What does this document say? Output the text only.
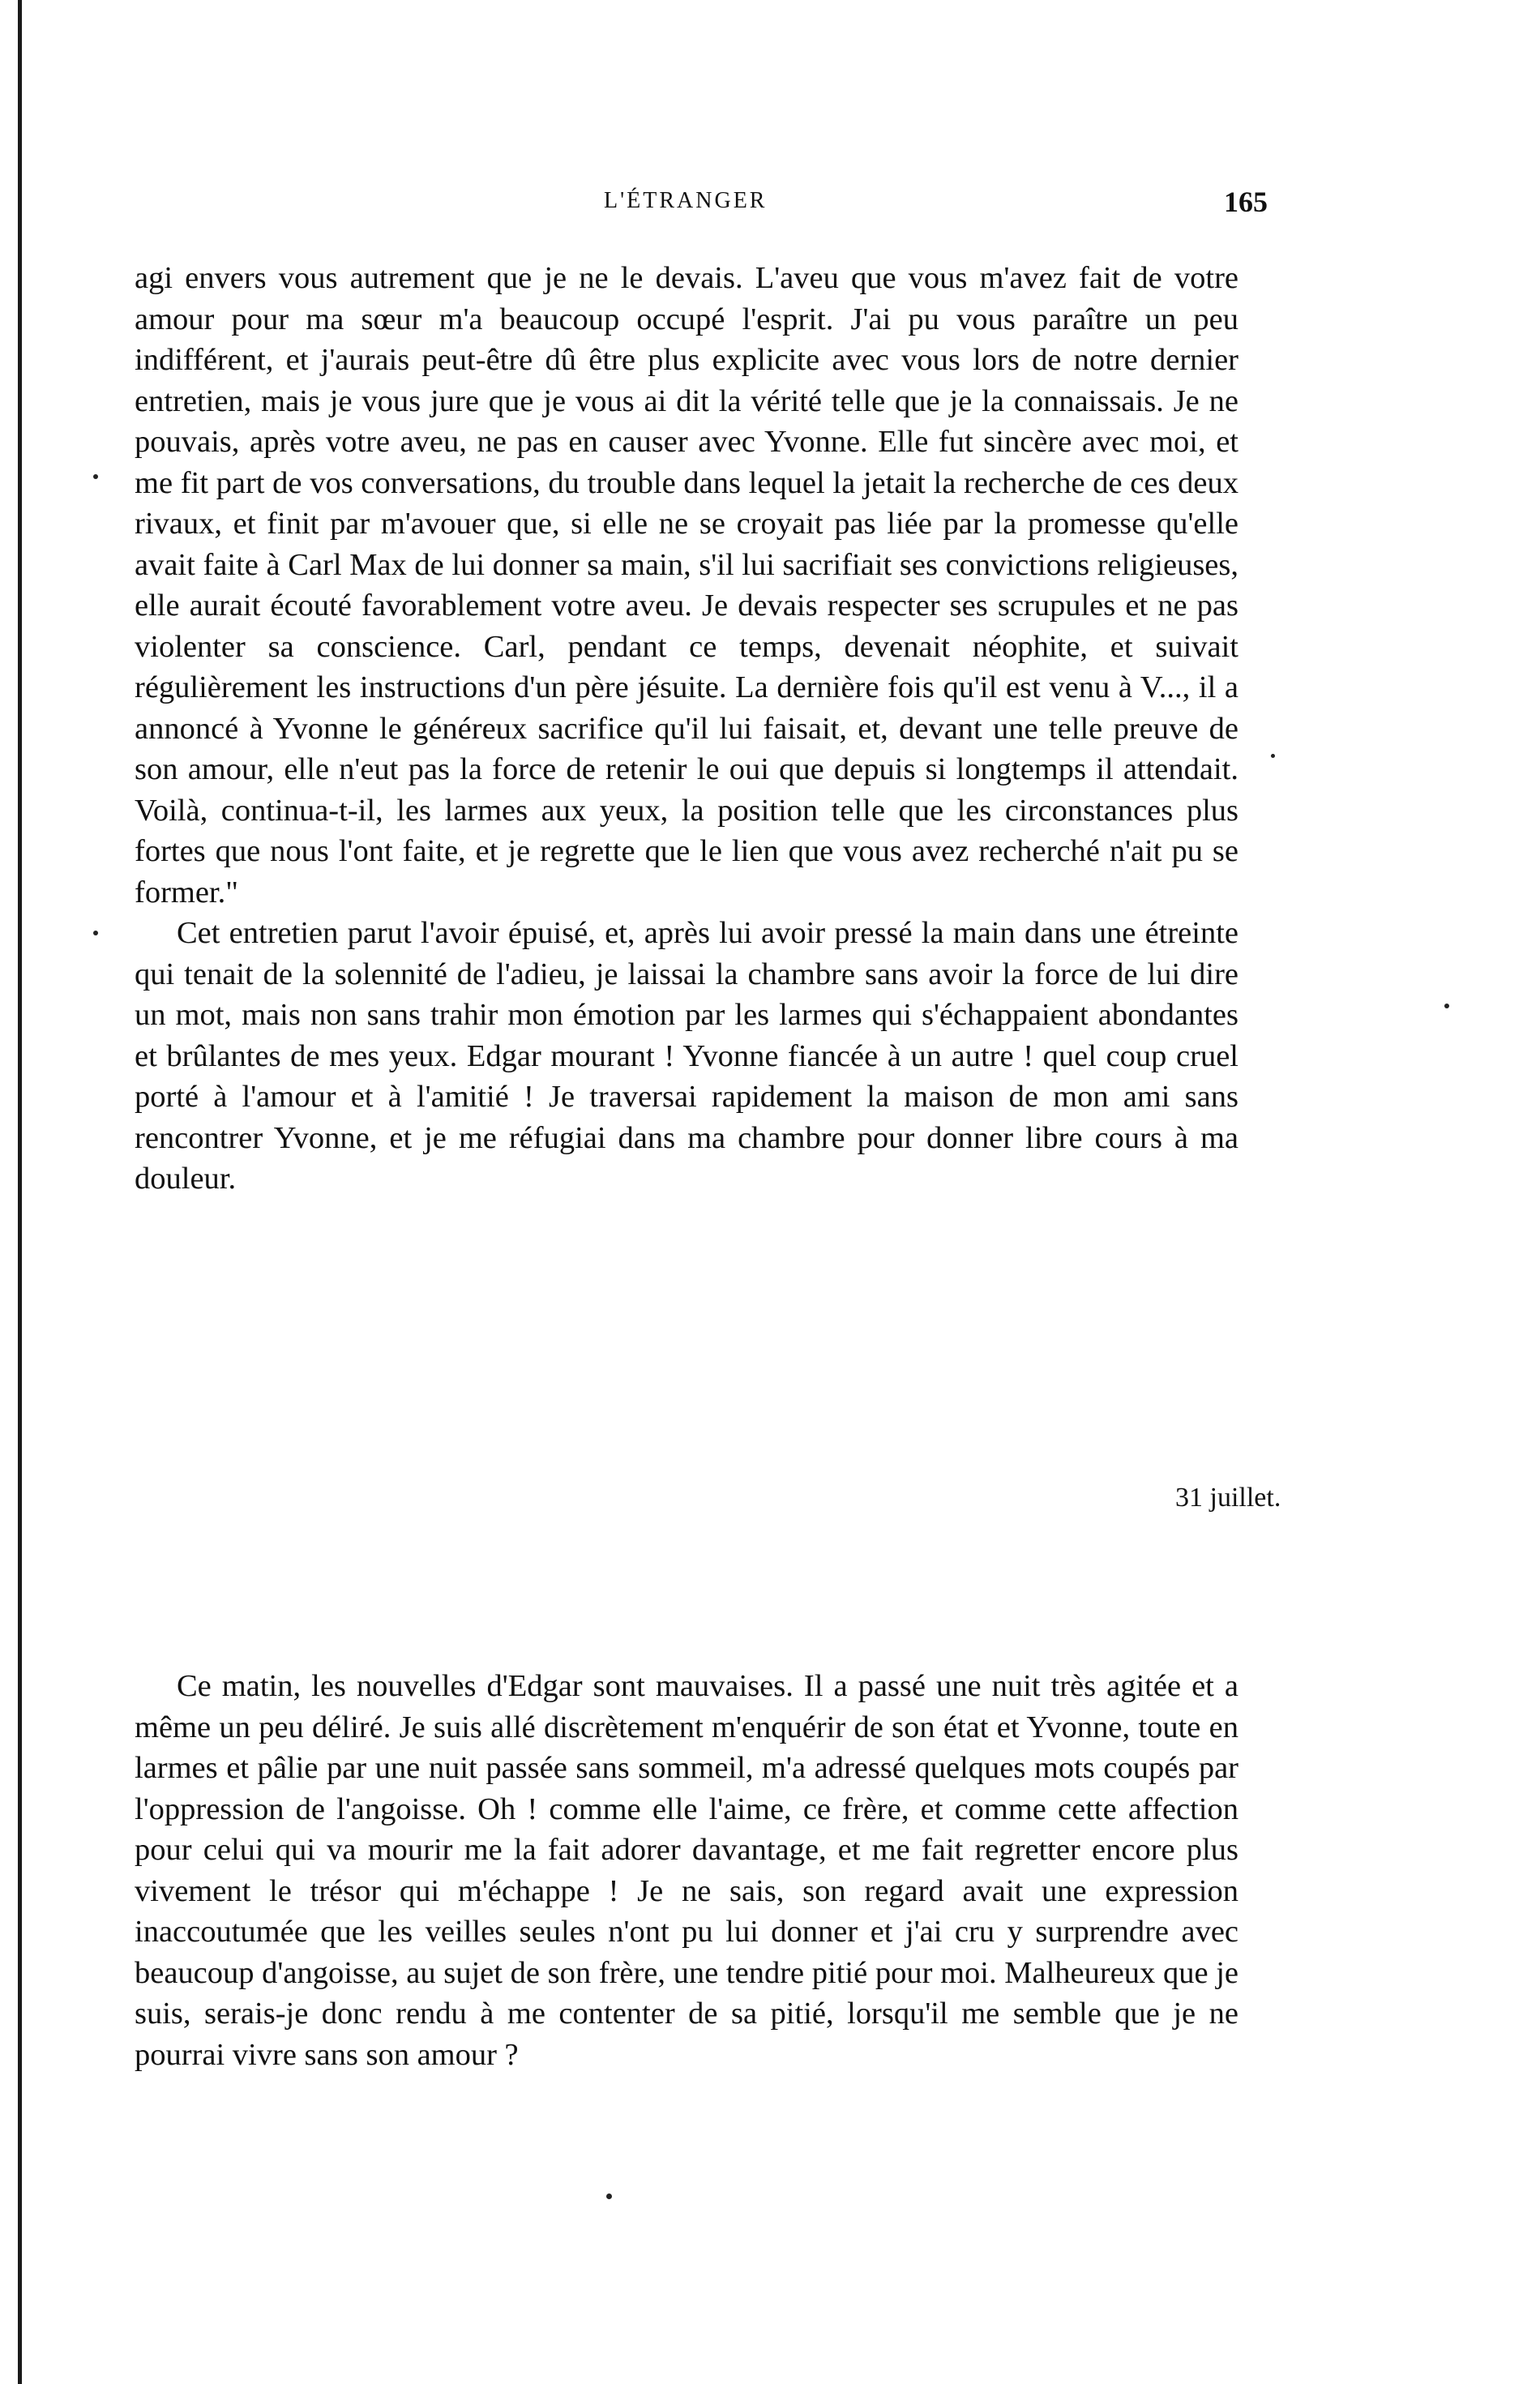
L'ÉTRANGER	165

agi envers vous autrement que je ne le devais. L'aveu que vous m'avez fait de votre amour pour ma sœur m'a beaucoup occupé l'esprit. J'ai pu vous paraître un peu indifférent, et j'aurais peut-être dû être plus explicite avec vous lors de notre dernier entretien, mais je vous jure que je vous ai dit la vérité telle que je la connaissais. Je ne pouvais, après votre aveu, ne pas en causer avec Yvonne. Elle fut sincère avec moi, et me fit part de vos conversations, du trouble dans lequel la jetait la recherche de ces deux rivaux, et finit par m'avouer que, si elle ne se croyait pas liée par la promesse qu'elle avait faite à Carl Max de lui donner sa main, s'il lui sacrifiait ses convictions religieuses, elle aurait écouté favorablement votre aveu. Je devais respecter ses scrupules et ne pas violenter sa conscience. Carl, pendant ce temps, devenait néophite, et suivait régulièrement les instructions d'un père jésuite. La dernière fois qu'il est venu à V..., il a annoncé à Yvonne le généreux sacrifice qu'il lui faisait, et, devant une telle preuve de son amour, elle n'eut pas la force de retenir le oui que depuis si longtemps il attendait. Voilà, continua-t-il, les larmes aux yeux, la position telle que les circonstances plus fortes que nous l'ont faite, et je regrette que le lien que vous avez recherché n'ait pu se former."

Cet entretien parut l'avoir épuisé, et, après lui avoir pressé la main dans une étreinte qui tenait de la solennité de l'adieu, je laissai la chambre sans avoir la force de lui dire un mot, mais non sans trahir mon émotion par les larmes qui s'échappaient abondantes et brûlantes de mes yeux. Edgar mourant ! Yvonne fiancée à un autre ! quel coup cruel porté à l'amour et à l'amitié ! Je traversai rapidement la maison de mon ami sans rencontrer Yvonne, et je me réfugiai dans ma chambre pour donner libre cours à ma douleur.

31 juillet.

Ce matin, les nouvelles d'Edgar sont mauvaises. Il a passé une nuit très agitée et a même un peu déliré. Je suis allé discrètement m'enquérir de son état et Yvonne, toute en larmes et pâlie par une nuit passée sans sommeil, m'a adressé quelques mots coupés par l'oppression de l'angoisse. Oh ! comme elle l'aime, ce frère, et comme cette affection pour celui qui va mourir me la fait adorer davantage, et me fait regretter encore plus vivement le trésor qui m'échappe ! Je ne sais, son regard avait une expression inaccoutumée que les veilles seules n'ont pu lui donner et j'ai cru y surprendre avec beaucoup d'angoisse, au sujet de son frère, une tendre pitié pour moi. Malheureux que je suis, serais-je donc rendu à me contenter de sa pitié, lorsqu'il me semble que je ne pourrai vivre sans son amour ?
